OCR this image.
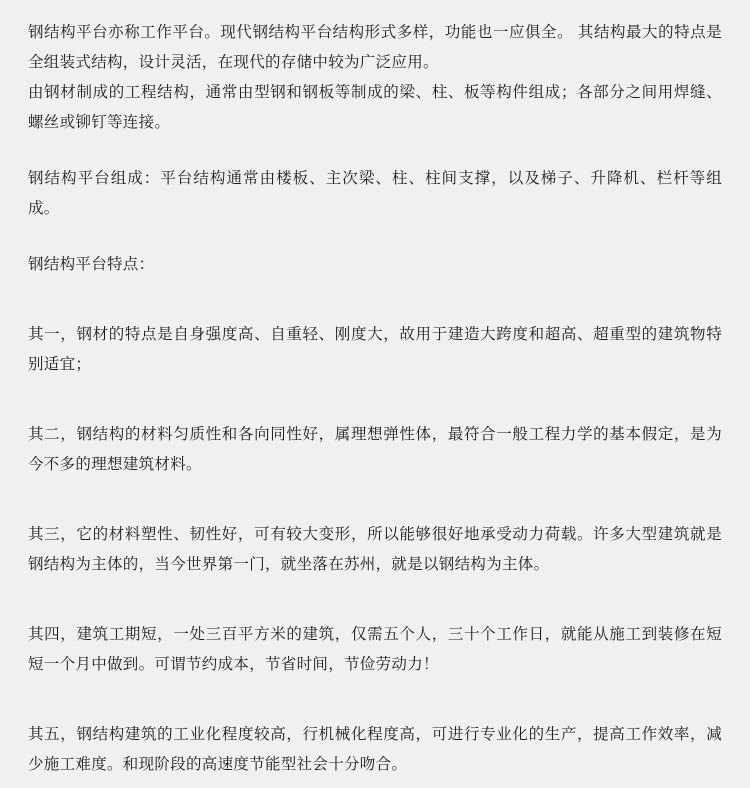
钢结构平台亦称工作平台。现代钢结构平台结构形式多样，功能也一应俱全。 其结构最大的特点是全组装式结构，设计灵活，在现代的存储中较为广泛应用。

由钢材制成的工程结构，通常由型钢和钢板等制成的梁、柱、板等构件组成；各部分之间用焊缝、螺丝或铆钉等连接。

钢结构平台组成：平台结构通常由楼板、主次梁、柱、柱间支撑，以及梯子、升降机、栏杆等组成。

钢结构平台特点：

其一，钢材的特点是自身强度高、自重轻、刚度大，故用于建造大跨度和超高、超重型的建筑物特别适宜；

其二，钢结构的材料匀质性和各向同性好，属理想弹性体，最符合一般工程力学的基本假定，是为今不多的理想建筑材料。

其三，它的材料塑性、韧性好，可有较大变形，所以能够很好地承受动力荷载。许多大型建筑就是钢结构为主体的，当今世界第一门，就坐落在苏州，就是以钢结构为主体。

其四，建筑工期短，一处三百平方米的建筑，仅需五个人，三十个工作日，就能从施工到装修在短短一个月中做到。可谓节约成本，节省时间，节俭劳动力！

其五，钢结构建筑的工业化程度较高，行机械化程度高，可进行专业化的生产，提高工作效率，减少施工难度。和现阶段的高速度节能型社会十分吻合。
